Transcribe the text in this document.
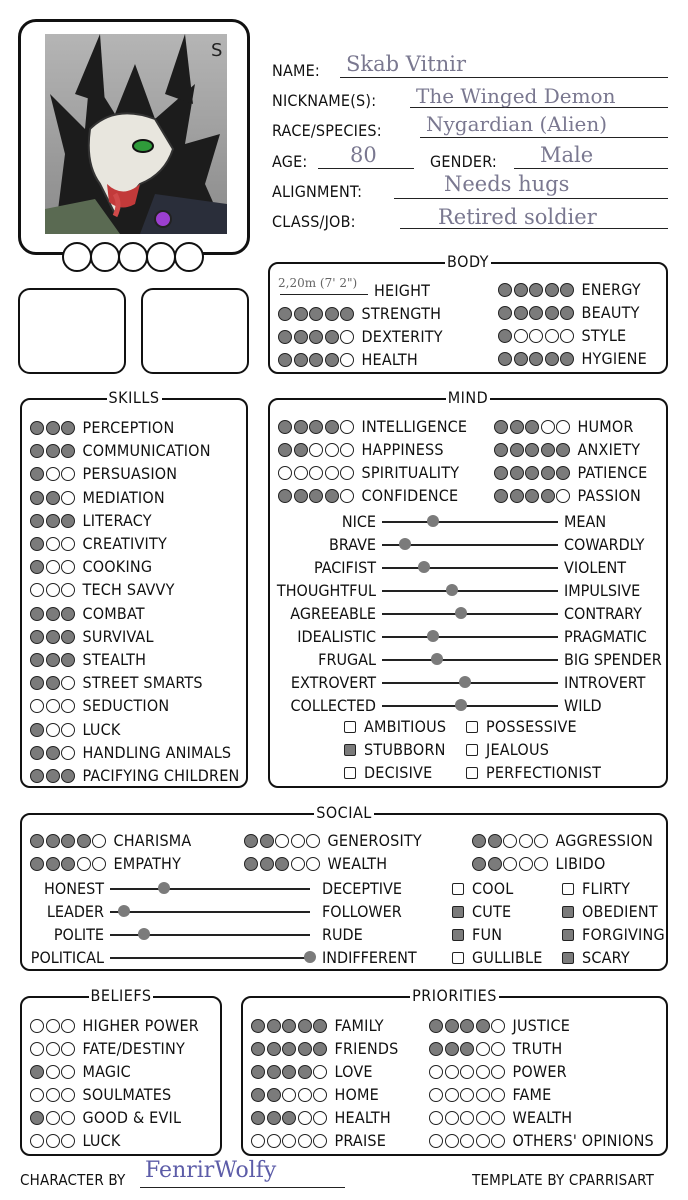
S
NAME: Skab Vitnir
NICKNAME(S): The Winged Demon
RACE/SPECIES: Nygardian (Alien)
AGE: 80	GENDER: Male
ALIGNMENT:	Needs hugs
CLASS/JOB:	Retired soldier
BODY
2,20m (7' 2") HEIGHT
STRENGTH
DEXTERITY
HEALTH
ENERGY
BEAUTY
STYLE
HYGIENE
SKILLS
PERCEPTION
COMMUNICATION
PERSUASION
MEDIATION
LITERACY
CREATIVITY
COOKING
TECH SAVVY
COMBAT
SURVIVAL
STEALTH
STREET SMARTS
SEDUCTION
LUCK
HANDLING ANIMALS
PACIFYING CHILDREN
MIND
INTELLIGENCE
HAPPINESS
SPIRITUALITY
CONFIDENCE
HUMOR
ANXIETY
PATIENCE
PASSION
NICE	MEAN
BRAVE	COWARDLY
PACIFIST	VIOLENT
THOUGHTFUL	IMPULSIVE
AGREEABLE	CONTRARY
IDEALISTIC	PRAGMATIC
FRUGAL	BIG SPENDER
EXTROVERT	INTROVERT
COLLECTED	WILD
AMBITIOUS POSSESSIVE
STUBBORN	JEALOUS
DECISIVE	PERFECTIONIST
SOCIAL
CHARISMA	GENEROSITY	AGGRESSION
EMPATHY	WEALTH	LIBIDO
HONEST	DECEPTIVE
LEADER	FOLLOWER
POLITE	RUDE
POLITICAL	INDIFFERENT
COOL	FLIRTY
CUTE	OBEDIENT
FUN	FORGIVING
GULLIBLE SCARY
BELIEFS
HIGHER POWER
FATE/DESTINY
MAGIC
SOULMATES
GOOD & EVIL
LUCK
PRIORITIES
FAMILY
FRIENDS
LOVE
HOME
HEALTH
PRAISE
JUSTICE
TRUTH
POWER
FAME
WEALTH
OTHERS' OPINIONS
CHARACTER BY FenrirWolfy	TEMPLATE BY CPARRISART
